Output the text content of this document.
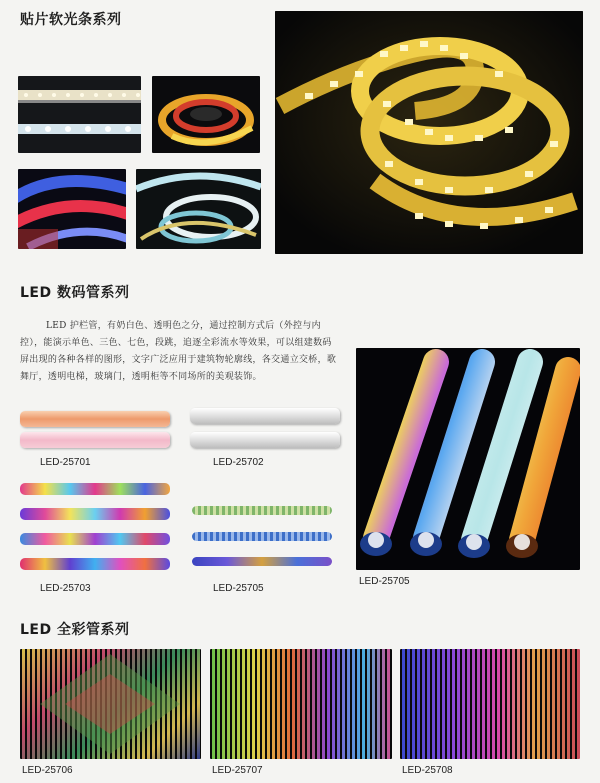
贴片软光条系列
LED 数码管系列
LED 护栏管，有奶白色、透明色之分，通过控制方式后（外控与内控），能演示单色、三色、七色，段跳，追逐全彩流水等效果，可以组建数码屏出现的各种各样的图形，文字广泛应用于建筑物轮廓线，各交通立交桥，歌舞厅，透明电梯，玻璃门，透明柜等不同场所的美观装饰。
LED-25701	LED-25702
LED-25703	LED-25705
LED-25705
LED 全彩管系列
LED-25706	LED-25707	LED-25708
